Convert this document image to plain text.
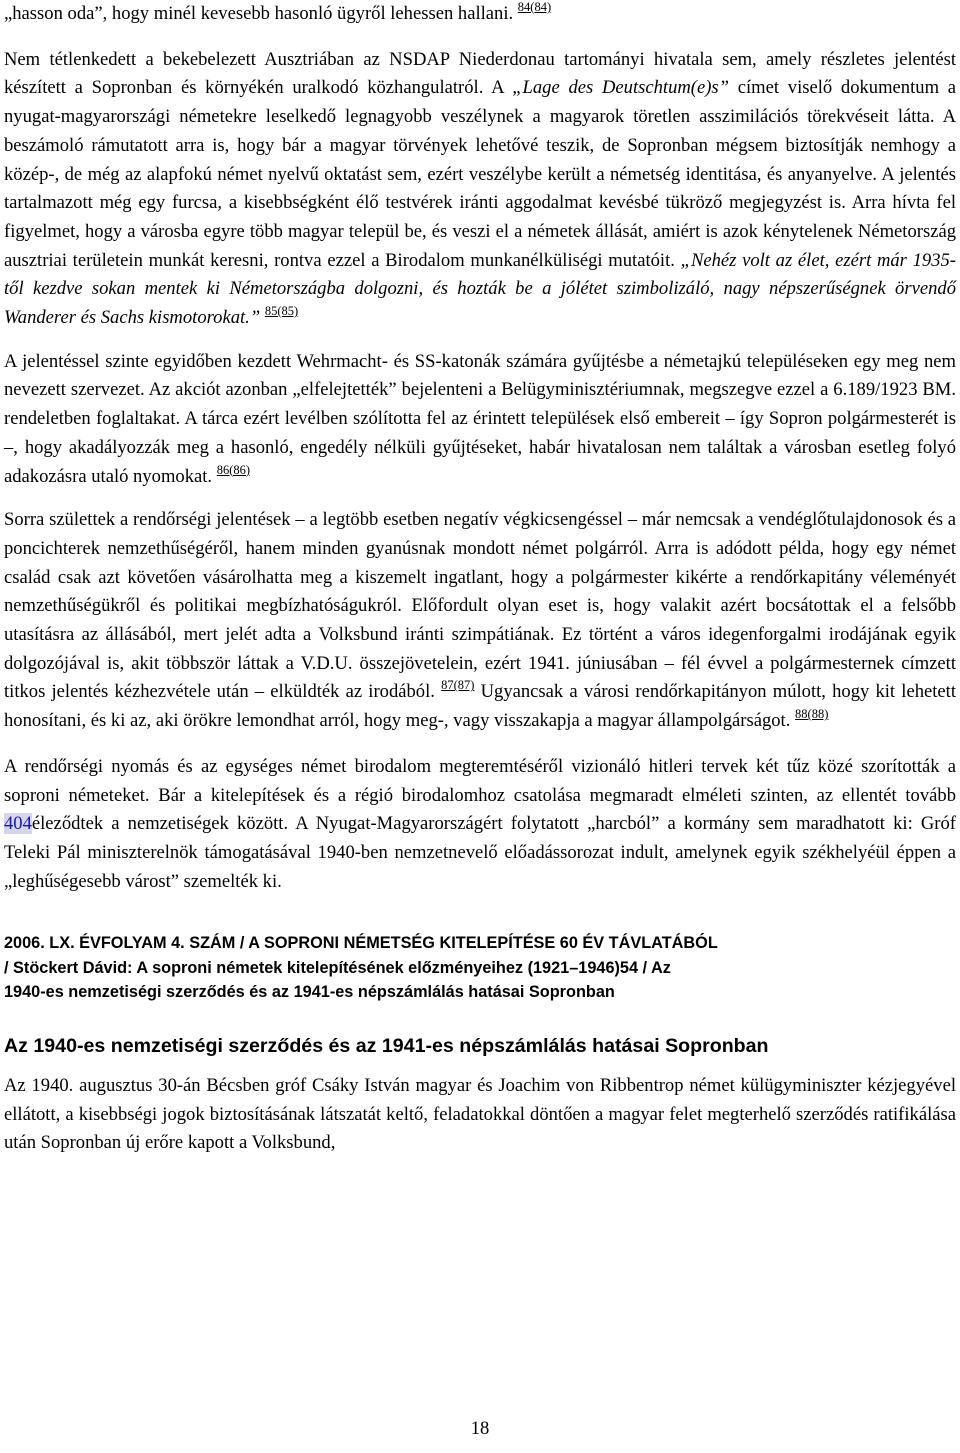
„hasson oda”, hogy minél kevesebb hasonló ügyről lehessen hallani. $^{84(84)}$

Nem tétlenkedett a bekebelezett Ausztriában az NSDAP Niederdonau tartományi hivatala sem, amely részletes jelentést készített a Sopronban és környékén uralkodó közhangulatról. A „Lage des Deutschtum(e)s” címet viselő dokumentum a nyugat-magyarországi németekre leselkedő legnagyobb veszélynek a magyarok töretlen asszimilációs törekvéseit látta. A beszámoló rámutatott arra is, hogy bár a magyar törvények lehetővé teszik, de Sopronban mégsem biztosítják nemhogy a közép-, de még az alapfokú német nyelvű oktatást sem, ezért veszélybe került a németség identitása, és anyanyelve. A jelentés tartalmazott még egy furcsa, a kisebbségként élő testvérek iránti aggodalmat kevésbé tükröző megjegyzést is. Arra hívta fel figyelmet, hogy a városba egyre több magyar települ be, és veszi el a németek állását, amiért is azok kénytelenek Németország ausztriai területein munkát keresni, rontva ezzel a Birodalom munkanélküliségi mutatóit. „Nehéz volt az élet, ezért már 1935-től kezdve sokan mentek ki Németországba dolgozni, és hozták be a jólétet szimbolizáló, nagy népszerűségnek örvendő Wanderer és Sachs kismotorokat.” $^{85(85)}$

A jelentéssel szinte egyidőben kezdett Wehrmacht- és SS-katonák számára gyűjtésbe a németajkú településeken egy meg nem nevezett szervezet. Az akciót azonban „elfelejtették” bejelenteni a Belügyminisztériumnak, megszegve ezzel a 6.189/1923 BM. rendeletben foglaltakat. A tárca ezért levélben szólította fel az érintett települések első embereit – így Sopron polgármesterét is –, hogy akadályozzák meg a hasonló, engedély nélküli gyűjtéseket, habár hivatalosan nem találtak a városban esetleg folyó adakozásra utaló nyomokat. $^{86(86)}$

Sorra születtek a rendőrségi jelentések – a legtöbb esetben negatív végkicsengéssel – már nemcsak a vendéglőtulajdonosok és a poncichterek nemzethűségéről, hanem minden gyanúsnak mondott német polgárról. Arra is adódott példa, hogy egy német család csak azt követően vásárolhatta meg a kiszemelt ingatlant, hogy a polgármester kikérte a rendőrkapitány véleményét nemzethűségükről és politikai megbízhatóságukról. Előfordult olyan eset is, hogy valakit azért bocsátottak el a felsőbb utasításra az állásából, mert jelét adta a Volksbund iránti szimpátiának. Ez történt a város idegenforgalmi irodájának egyik dolgozójával is, akit többször láttak a V.D.U. összejövetelein, ezért 1941. júniusában – fél évvel a polgármesternek címzett titkos jelentés kézhezvétele után – elküldték az irodából. $^{87(87)}$ Ugyancsak a városi rendőrkapitányon múlott, hogy kit lehetett honosítani, és ki az, aki örökre lemondhat arról, hogy meg-, vagy visszakapja a magyar állampolgárságot. $^{88(88)}$

A rendőrségi nyomás és az egységes német birodalom megteremtéséről vizionáló hitleri tervek két tűz közé szorították a soproni németeket. Bár a kitelepítések és a régió birodalomhoz csatolása megmaradt elméleti szinten, az ellentét tovább 404éleződtek a nemzetiségek között. A Nyugat-Magyarországért folytatott „harcból” a kormány sem maradhatott ki: Gróf Teleki Pál miniszterelnök támogatásával 1940-ben nemzetnevelő előadássorozat indult, amelynek egyik székhelyéül éppen a „leghűségesebb várost” szemelték ki.

2006. LX. ÉVFOLYAM 4. SZÁM / A SOPRONI NÉMETSÉG KITELEPÍTÉSE 60 ÉV TÁVLATÁBÓL
/ Stöckert Dávid: A soproni németek kitelepítésének előzményeihez (1921–1946)54 / Az
1940-es nemzetiségi szerződés és az 1941-es népszámlálás hatásai Sopronban
Az 1940-es nemzetiségi szerződés és az 1941-es népszámlálás hatásai Sopronban

Az 1940. augusztus 30-án Bécsben gróf Csáky István magyar és Joachim von Ribbentrop német külügyminiszter kézjegyével ellátott, a kisebbségi jogok biztosításának látszatát keltő, feladatokkal döntően a magyar felet megterhelő szerződés ratifikálása után Sopronban új erőre kapott a Volksbund,

18
